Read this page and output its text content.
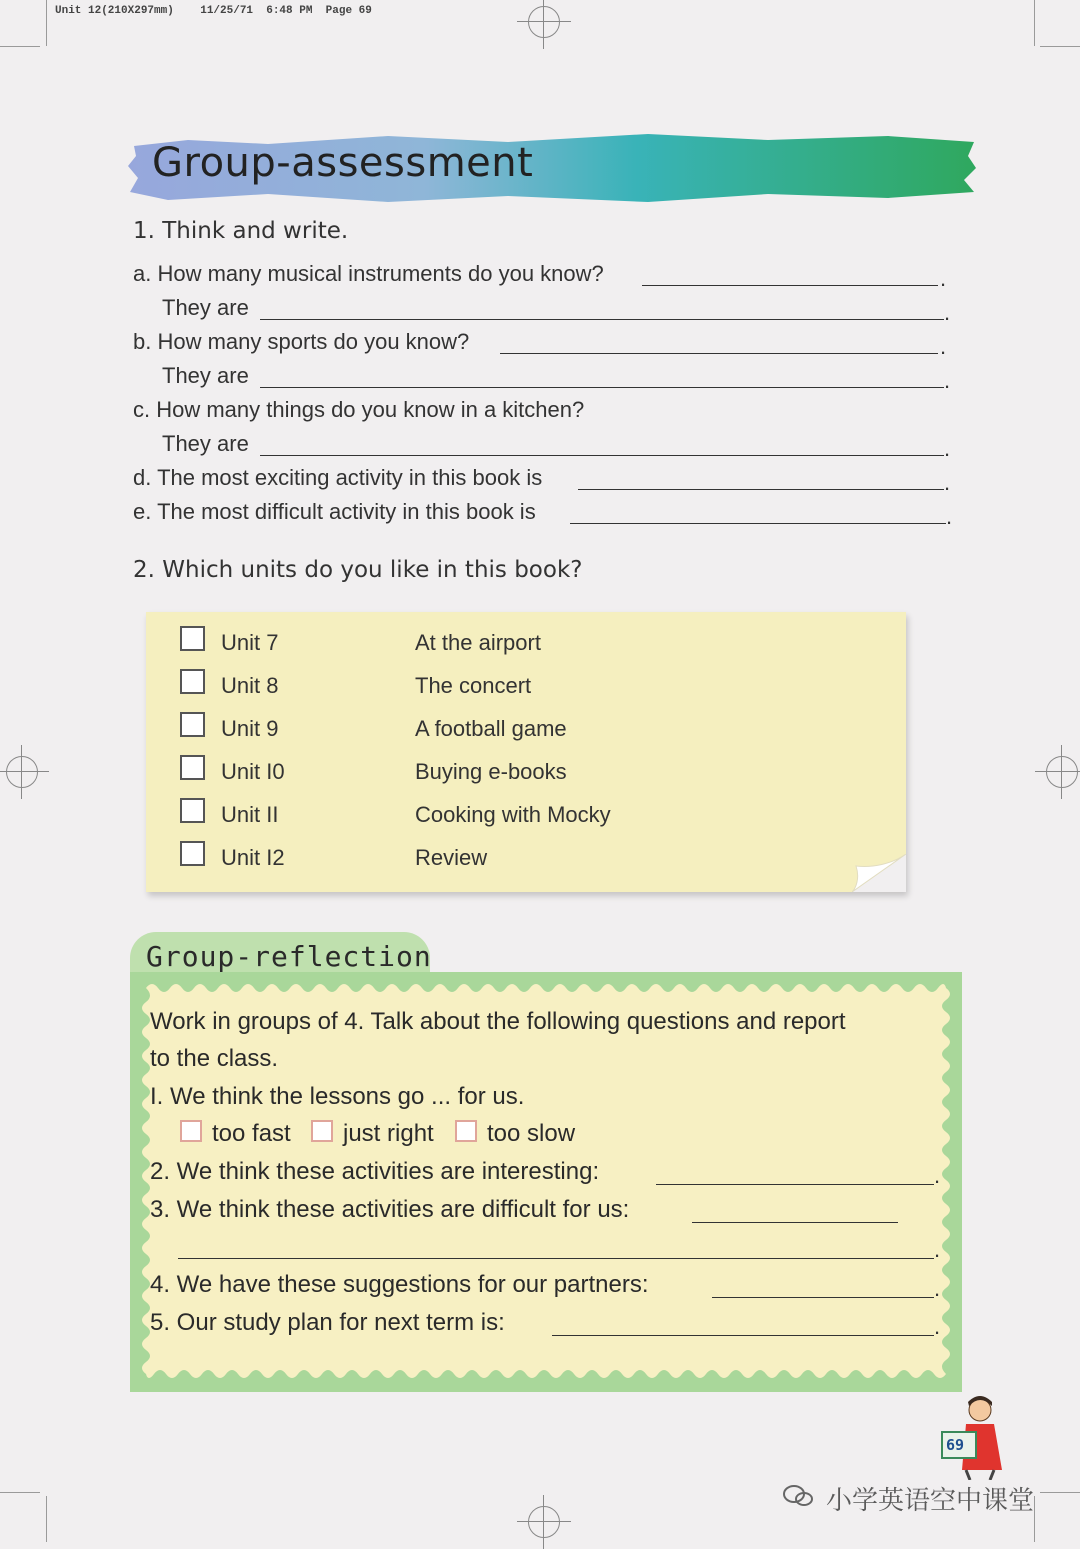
Unit 12(210X297mm)    11/25/71  6:48 PM  Page 69
Group-assessment
1. Think and write.
a. How many musical instruments do you know?	.
They are	.
b. How many sports do you know?	.
They are	.
c. How many things do you know in a kitchen?
They are	.
d. The most exciting activity in this book is	.
e. The most difficult activity in this book is	.
2. Which units do you like in this book?
Unit 7	At the airport
Unit 8	The concert
Unit 9	A football game
Unit I0	Buying e-books
Unit II	Cooking with Mocky
Unit I2	Review
Group-reflection
Work in groups of 4. Talk about the following questions and report
to the class.
I. We think the lessons go ... for us.
too fast just right too slow
2. We think these activities are interesting:	.
3. We think these activities are difficult for us:
.
4. We have these suggestions for our partners:	.
5. Our study plan for next term is:	.
69
小学英语空中课堂
